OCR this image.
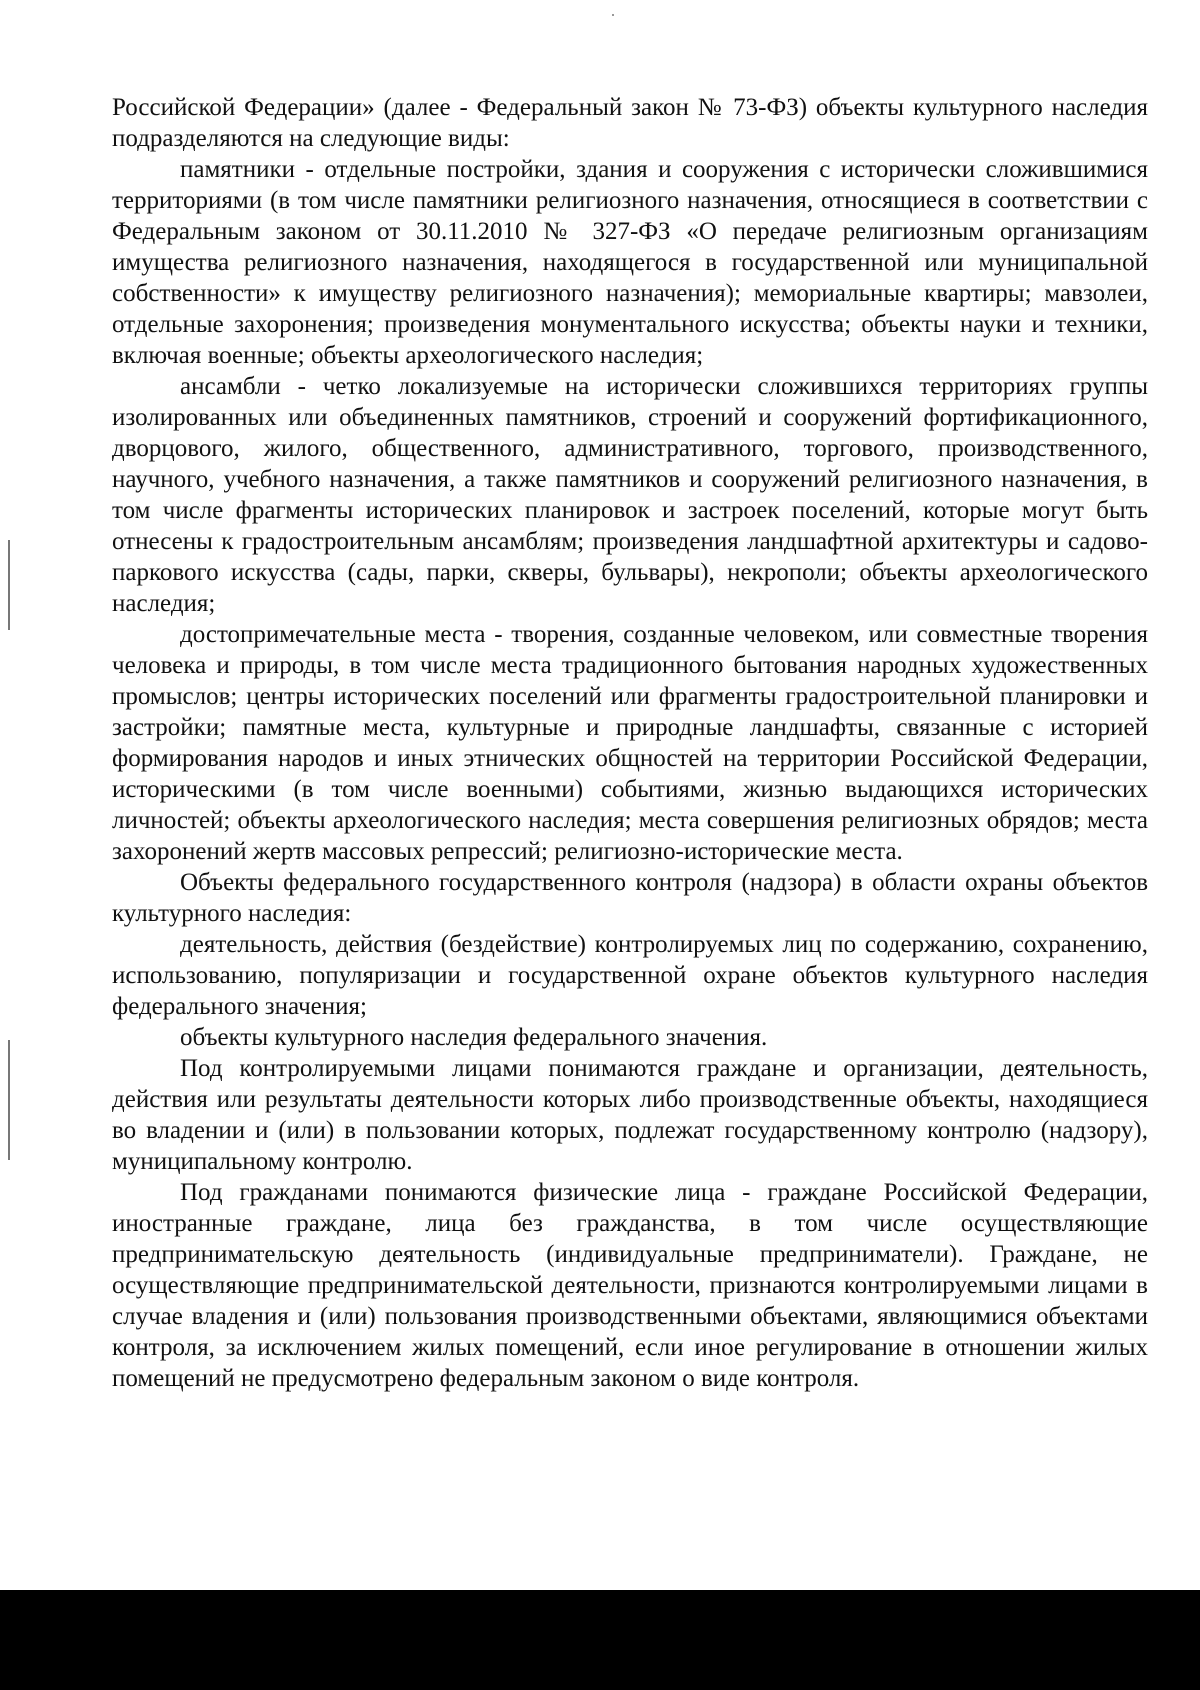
Российской Федерации» (далее - Федеральный закон № 73-ФЗ) объекты культурного наследия подразделяются на следующие виды:

памятники - отдельные постройки, здания и сооружения с исторически сложившимися территориями (в том числе памятники религиозного назначения, относящиеся в соответствии с Федеральным законом от 30.11.2010 № 327-ФЗ «О передаче религиозным организациям имущества религиозного назначения, находящегося в государственной или муниципальной собственности» к имуществу религиозного назначения); мемориальные квартиры; мавзолеи, отдельные захоронения; произведения монументального искусства; объекты науки и техники, включая военные; объекты археологического наследия;

ансамбли - четко локализуемые на исторически сложившихся территориях группы изолированных или объединенных памятников, строений и сооружений фортификационного, дворцового, жилого, общественного, административного, торгового, производственного, научного, учебного назначения, а также памятников и сооружений религиозного назначения, в том числе фрагменты исторических планировок и застроек поселений, которые могут быть отнесены к градостроительным ансамблям; произведения ландшафтной архитектуры и садово-паркового искусства (сады, парки, скверы, бульвары), некрополи; объекты археологического наследия;

достопримечательные места - творения, созданные человеком, или совместные творения человека и природы, в том числе места традиционного бытования народных художественных промыслов; центры исторических поселений или фрагменты градостроительной планировки и застройки; памятные места, культурные и природные ландшафты, связанные с историей формирования народов и иных этнических общностей на территории Российской Федерации, историческими (в том числе военными) событиями, жизнью выдающихся исторических личностей; объекты археологического наследия; места совершения религиозных обрядов; места захоронений жертв массовых репрессий; религиозно-исторические места.

Объекты федерального государственного контроля (надзора) в области охраны объектов культурного наследия:

деятельность, действия (бездействие) контролируемых лиц по содержанию, сохранению, использованию, популяризации и государственной охране объектов культурного наследия федерального значения;

объекты культурного наследия федерального значения.

Под контролируемыми лицами понимаются граждане и организации, деятельность, действия или результаты деятельности которых либо производственные объекты, находящиеся во владении и (или) в пользовании которых, подлежат государственному контролю (надзору), муниципальному контролю.

Под гражданами понимаются физические лица - граждане Российской Федерации, иностранные граждане, лица без гражданства, в том числе осуществляющие предпринимательскую деятельность (индивидуальные предприниматели). Граждане, не осуществляющие предпринимательской деятельности, признаются контролируемыми лицами в случае владения и (или) пользования производственными объектами, являющимися объектами контроля, за исключением жилых помещений, если иное регулирование в отношении жилых помещений не предусмотрено федеральным законом о виде контроля.
